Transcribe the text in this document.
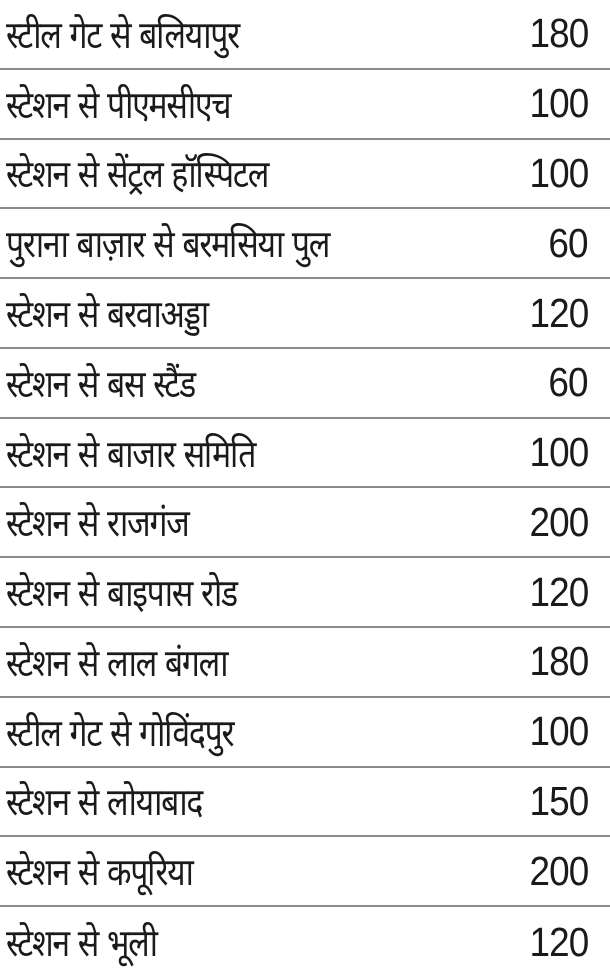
स्टील गेट से बलियापुर	180
स्टेशन से पीएमसीएच	100
स्टेशन से सेंट्रल हॉस्पिटल	100
पुराना बाज़ार से बरमसिया पुल	60
स्टेशन से बरवाअड्डा	120
स्टेशन से बस स्टैंड	60
स्टेशन से बाजार समिति	100
स्टेशन से राजगंज	200
स्टेशन से बाइपास रोड	120
स्टेशन से लाल बंगला	180
स्टील गेट से गोविंदपुर	100
स्टेशन से लोयाबाद	150
स्टेशन से कपूरिया	200
स्टेशन से भूली	120
